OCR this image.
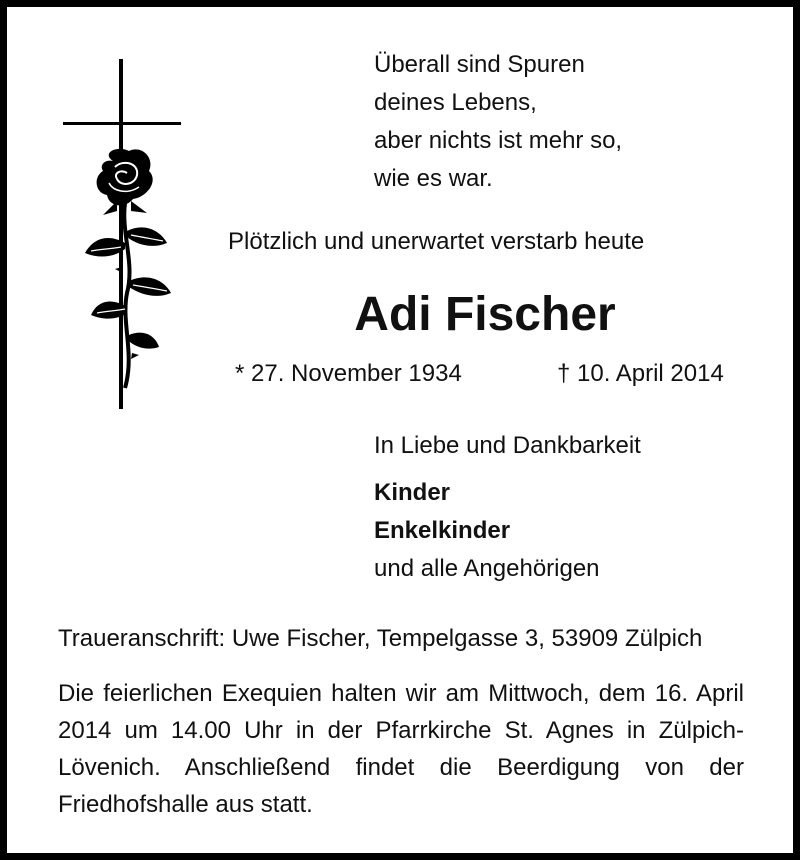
Überall sind Spuren
deines Lebens,
aber nichts ist mehr so,
wie es war.
Plötzlich und unerwartet verstarb heute
Adi Fischer
* 27. November 1934	† 10. April 2014
In Liebe und Dankbarkeit
Kinder
Enkelkinder
und alle Angehörigen
Traueranschrift: Uwe Fischer, Tempelgasse 3, 53909 Zülpich
Die feierlichen Exequien halten wir am Mittwoch, dem 16. April 2014 um 14.00 Uhr in der Pfarrkirche St. Agnes in Zülpich-Lövenich. Anschließend findet die Beerdigung von der Friedhofshalle aus statt.
